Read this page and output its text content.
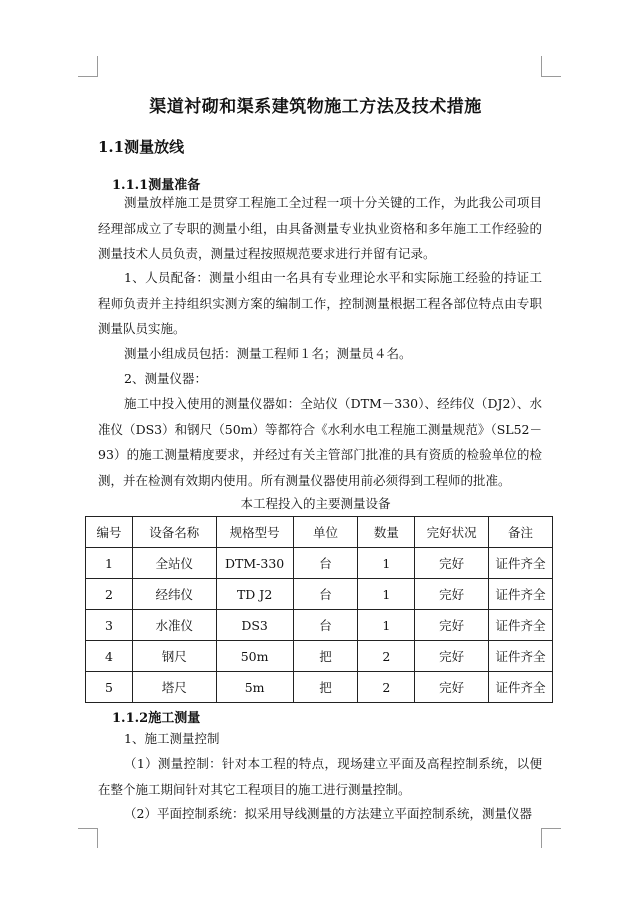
渠道衬砌和渠系建筑物施工方法及技术措施
1.1测量放线
1.1.1测量准备

测量放样施工是贯穿工程施工全过程一项十分关键的工作，为此我公司项目经理部成立了专职的测量小组，由具备测量专业执业资格和多年施工工作经验的测量技术人员负责，测量过程按照规范要求进行并留有记录。

1、人员配备：测量小组由一名具有专业理论水平和实际施工经验的持证工程师负责并主持组织实测方案的编制工作，控制测量根据工程各部位特点由专职测量队员实施。

测量小组成员包括：测量工程师１名；测量员４名。

2、测量仪器：

施工中投入使用的测量仪器如：全站仪（DTM－330）、经纬仪（DJ2）、水准仪（DS3）和钢尺（50m）等都符合《水利水电工程施工测量规范》（SL52－93）的施工测量精度要求，并经过有关主管部门批准的具有资质的检验单位的检测，并在检测有效期内使用。所有测量仪器使用前必须得到工程师的批准。

本工程投入的主要测量设备
编号	设备名称	规格型号	单位	数量	完好状况	备注
1	全站仪	DTM-330	台	1	完好	证件齐全
2	经纬仪	TD J2	台	1	完好	证件齐全
3	水准仪	DS3	台	1	完好	证件齐全
4	钢尺	50m	把	2	完好	证件齐全
5	塔尺	5m	把	2	完好	证件齐全
1.1.2施工测量

1、施工测量控制

（1）测量控制：针对本工程的特点，现场建立平面及高程控制系统，以便在整个施工期间针对其它工程项目的施工进行测量控制。

（2）平面控制系统：拟采用导线测量的方法建立平面控制系统，测量仪器
